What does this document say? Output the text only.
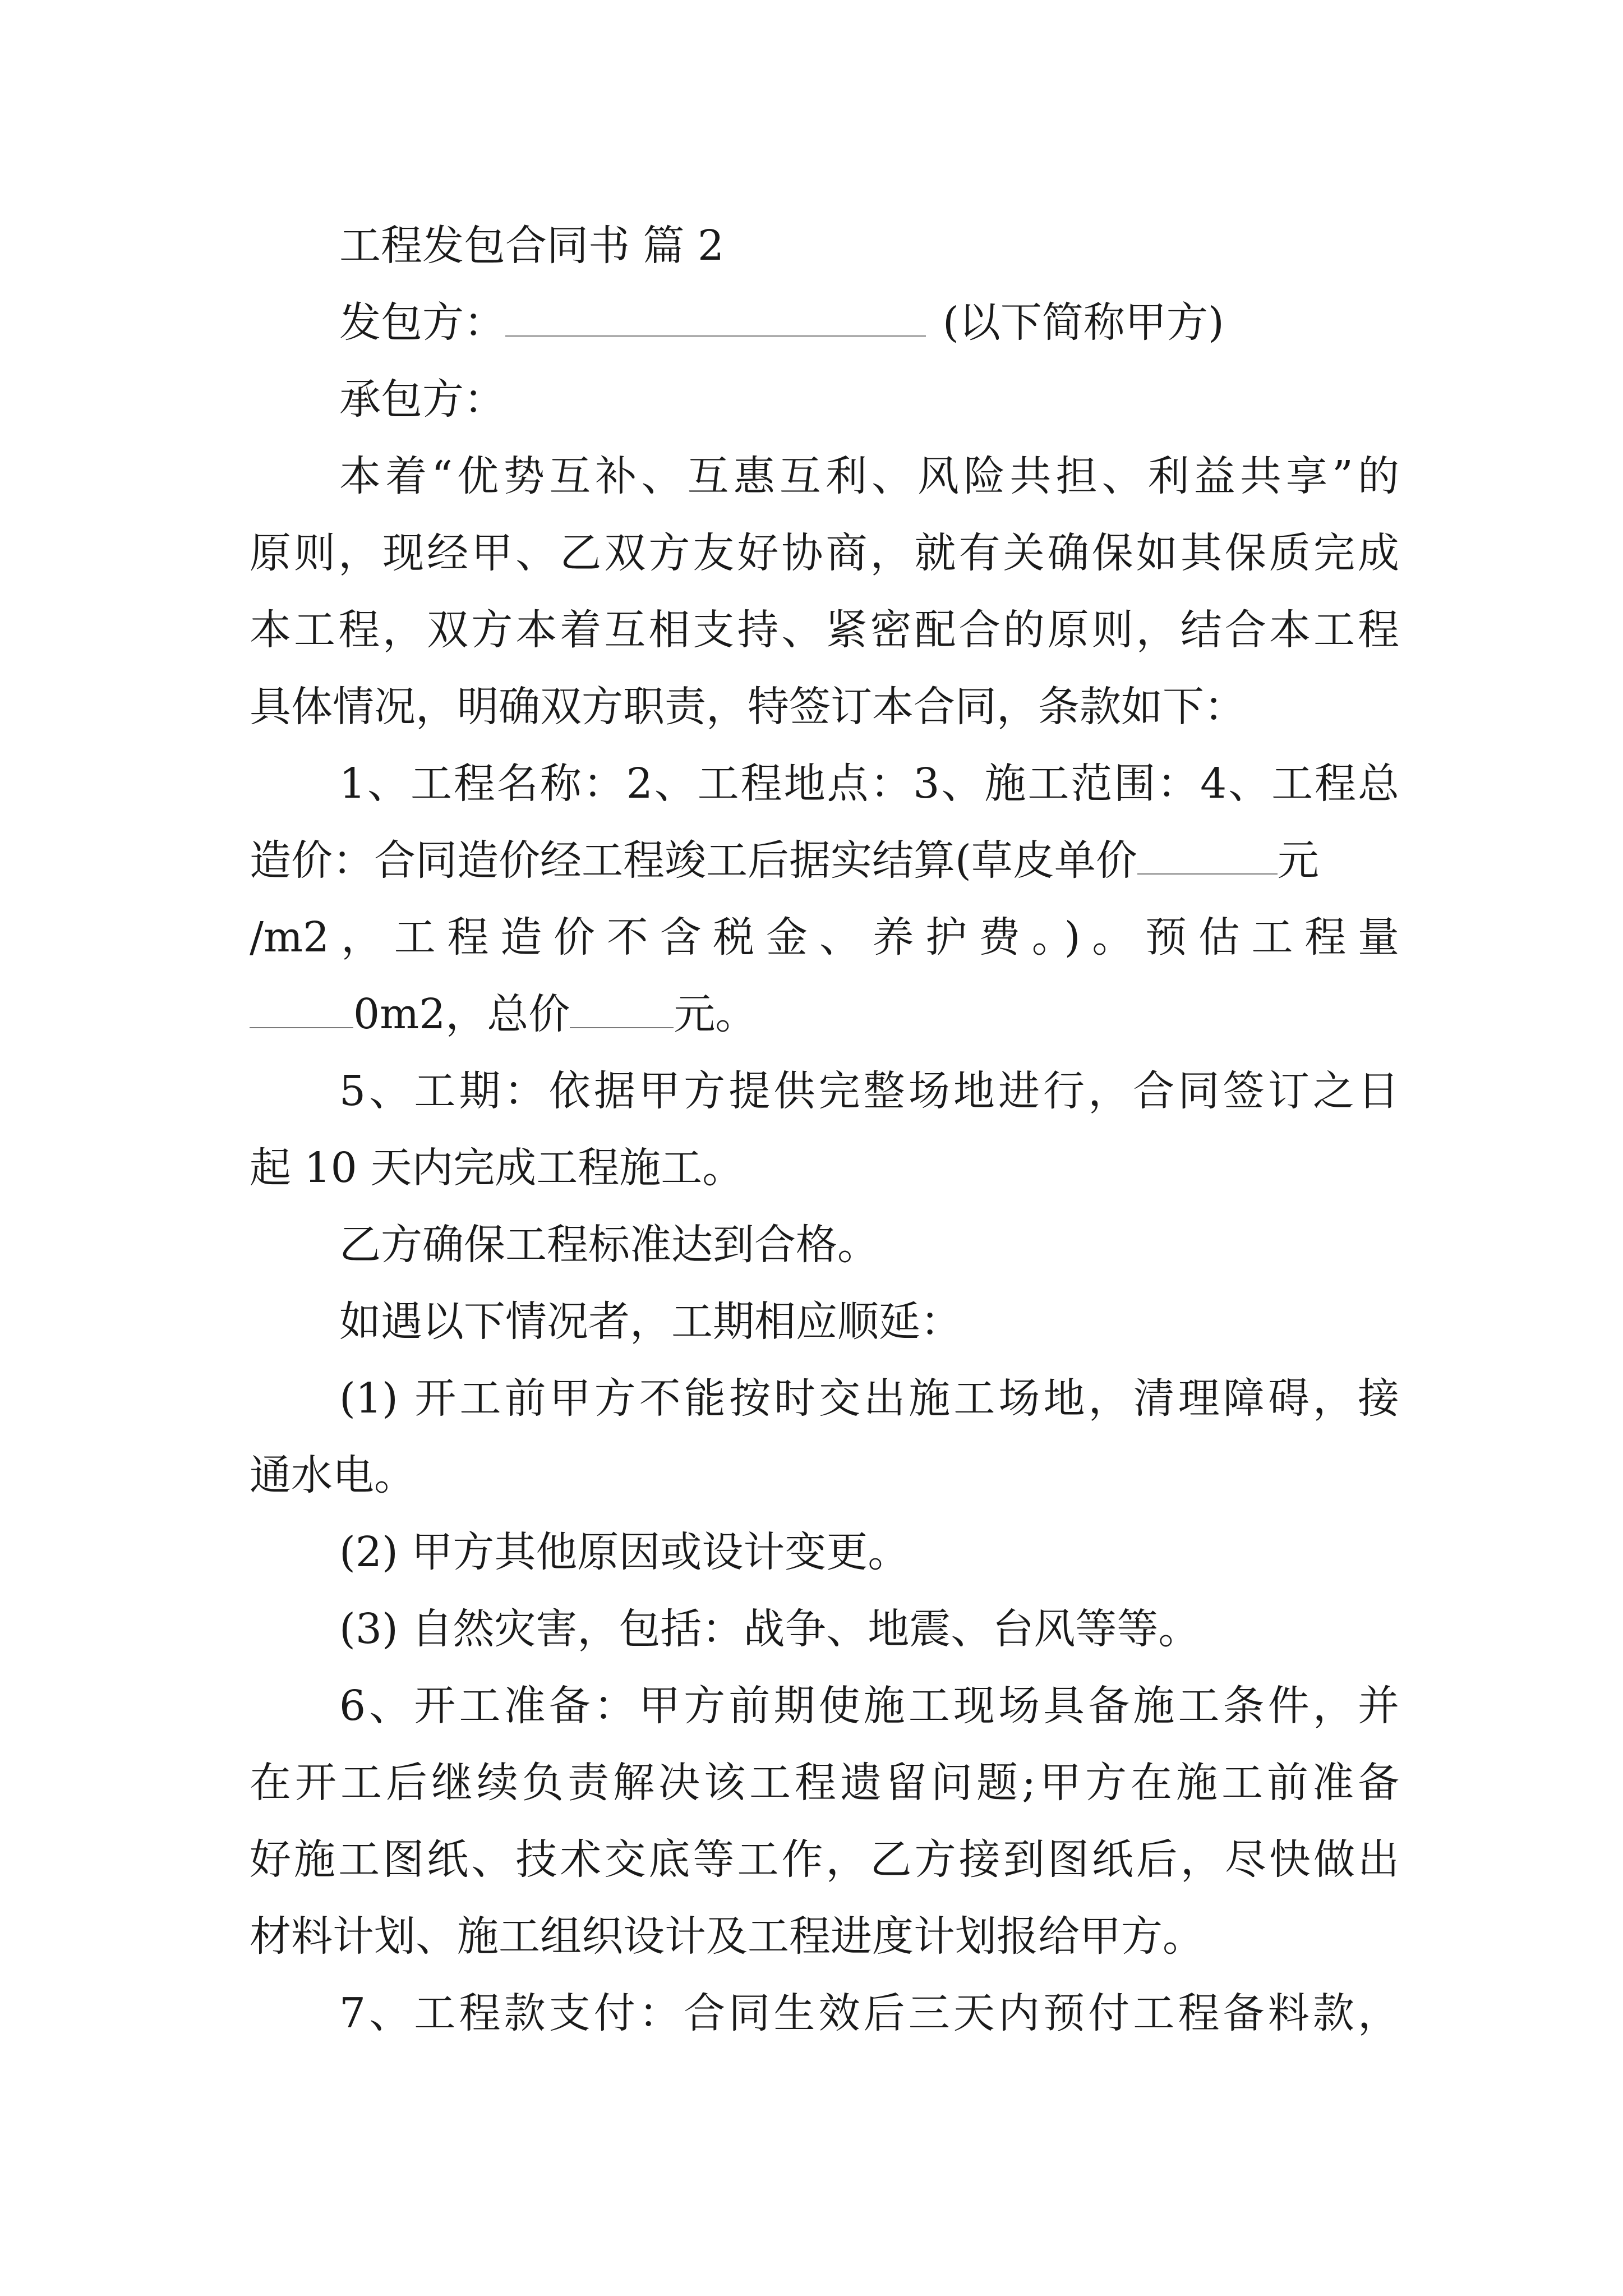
工程发包合同书 篇 2
发包方：	(以下简称甲方)
承包方：
本着“优势互补、互惠互利、风险共担、利益共享”的
原则，现经甲、乙双方友好协商，就有关确保如其保质完成
本工程，双方本着互相支持、紧密配合的原则，结合本工程
具体情况，明确双方职责，特签订本合同，条款如下：
1、工程名称：2、工程地点：3、施工范围：4、工程总
造价：合同造价经工程竣工后据实结算(草皮单价	元
/m2，工程造价不含税金、养护费。)。预估工程量
0m2，总价	元。
5、工期：依据甲方提供完整场地进行，合同签订之日
起 10 天内完成工程施工。
乙方确保工程标准达到合格。
如遇以下情况者，工期相应顺延：
(1) 开工前甲方不能按时交出施工场地，清理障碍，接
通水电。
(2) 甲方其他原因或设计变更。
(3) 自然灾害，包括：战争、地震、台风等等。
6、开工准备：甲方前期使施工现场具备施工条件，并
在开工后继续负责解决该工程遗留问题;甲方在施工前准备
好施工图纸、技术交底等工作，乙方接到图纸后，尽快做出
材料计划、施工组织设计及工程进度计划报给甲方。
7、工程款支付：合同生效后三天内预付工程备料款，
